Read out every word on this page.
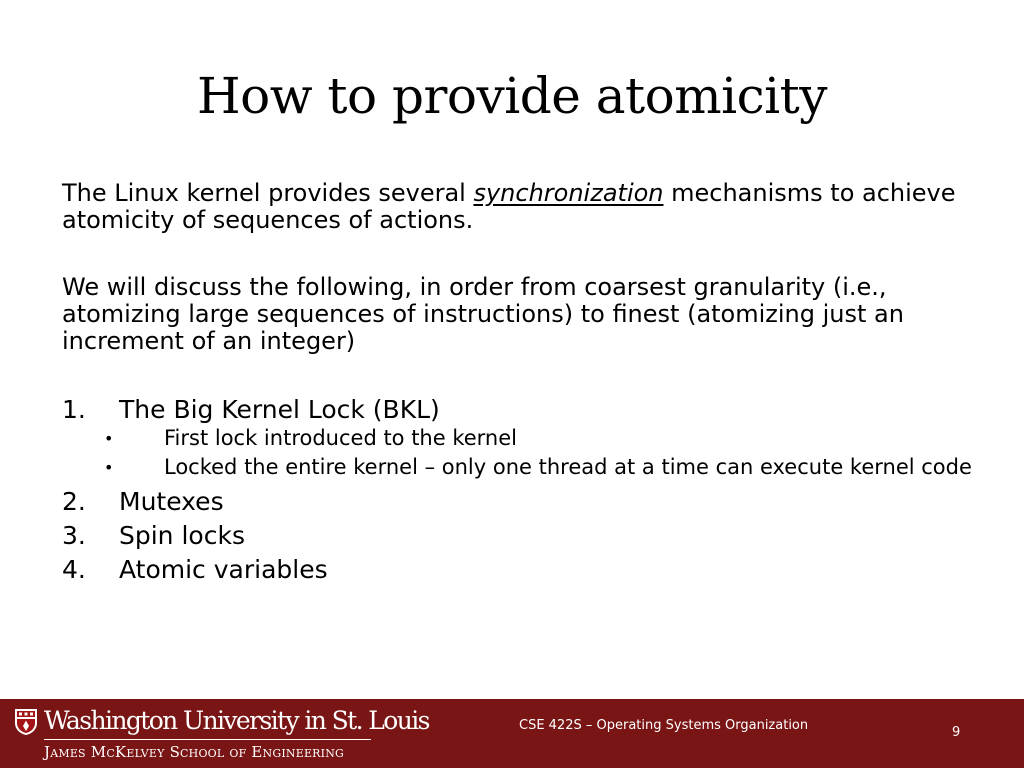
How to provide atomicity

The Linux kernel provides several synchronization mechanisms to achieve atomicity of sequences of actions.

We will discuss the following, in order from coarsest granularity (i.e., atomizing large sequences of instructions) to finest (atomizing just an increment of an integer)

1. The Big Kernel Lock (BKL)
• First lock introduced to the kernel
• Locked the entire kernel – only one thread at a time can execute kernel code
2. Mutexes
3. Spin locks
4. Atomic variables
Washington University in St. Louis
James McKelvey School of Engineering
CSE 422S – Operating Systems Organization	9
